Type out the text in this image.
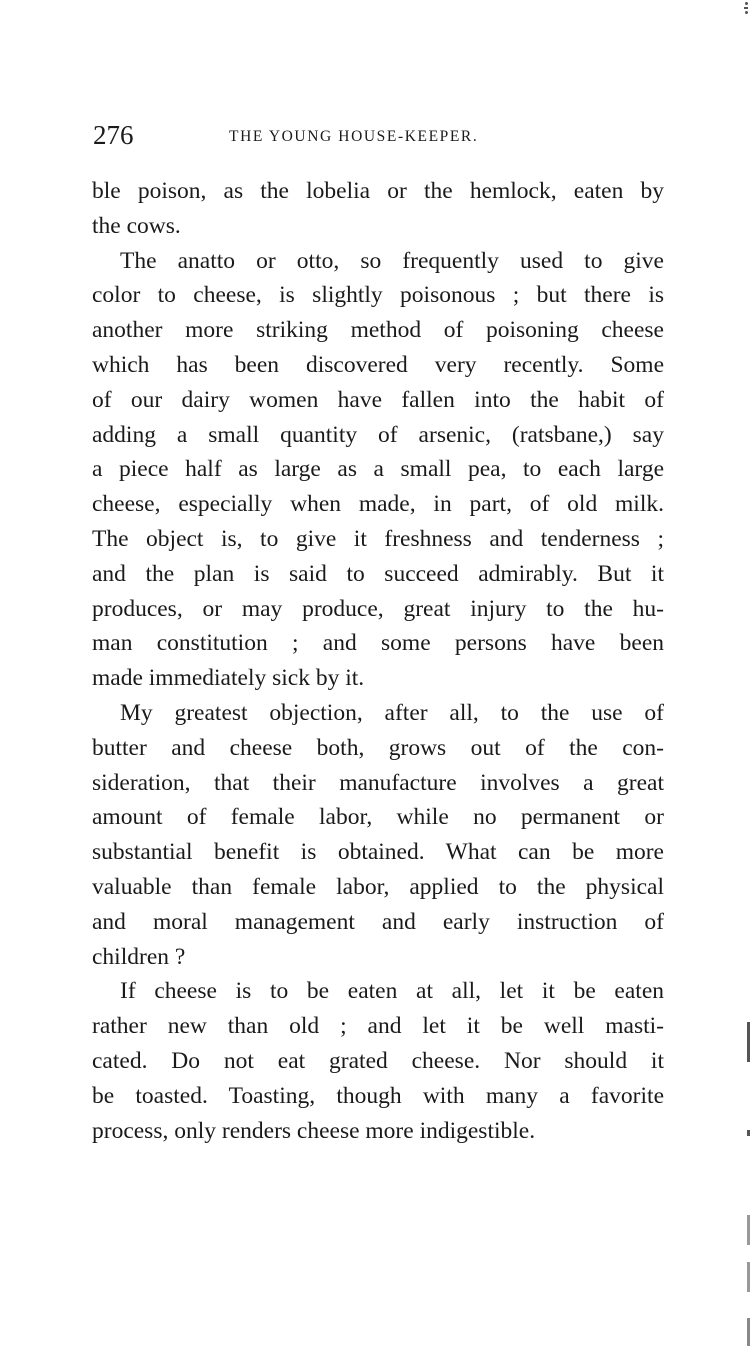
276	THE YOUNG HOUSE-KEEPER.
ble poison, as the lobelia or the hemlock, eaten by
the cows.
The anatto or otto, so frequently used to give
color to cheese, is slightly poisonous ; but there is
another more striking method of poisoning cheese
which has been discovered very recently. Some
of our dairy women have fallen into the habit of
adding a small quantity of arsenic, (ratsbane,) say
a piece half as large as a small pea, to each large
cheese, especially when made, in part, of old milk.
The object is, to give it freshness and tenderness ;
and the plan is said to succeed admirably. But it
produces, or may produce, great injury to the hu-
man constitution ; and some persons have been
made immediately sick by it.
My greatest objection, after all, to the use of
butter and cheese both, grows out of the con-
sideration, that their manufacture involves a great
amount of female labor, while no permanent or
substantial benefit is obtained. What can be more
valuable than female labor, applied to the physical
and moral management and early instruction of
children ?
If cheese is to be eaten at all, let it be eaten
rather new than old ; and let it be well masti-
cated. Do not eat grated cheese. Nor should it
be toasted. Toasting, though with many a favorite
process, only renders cheese more indigestible.
